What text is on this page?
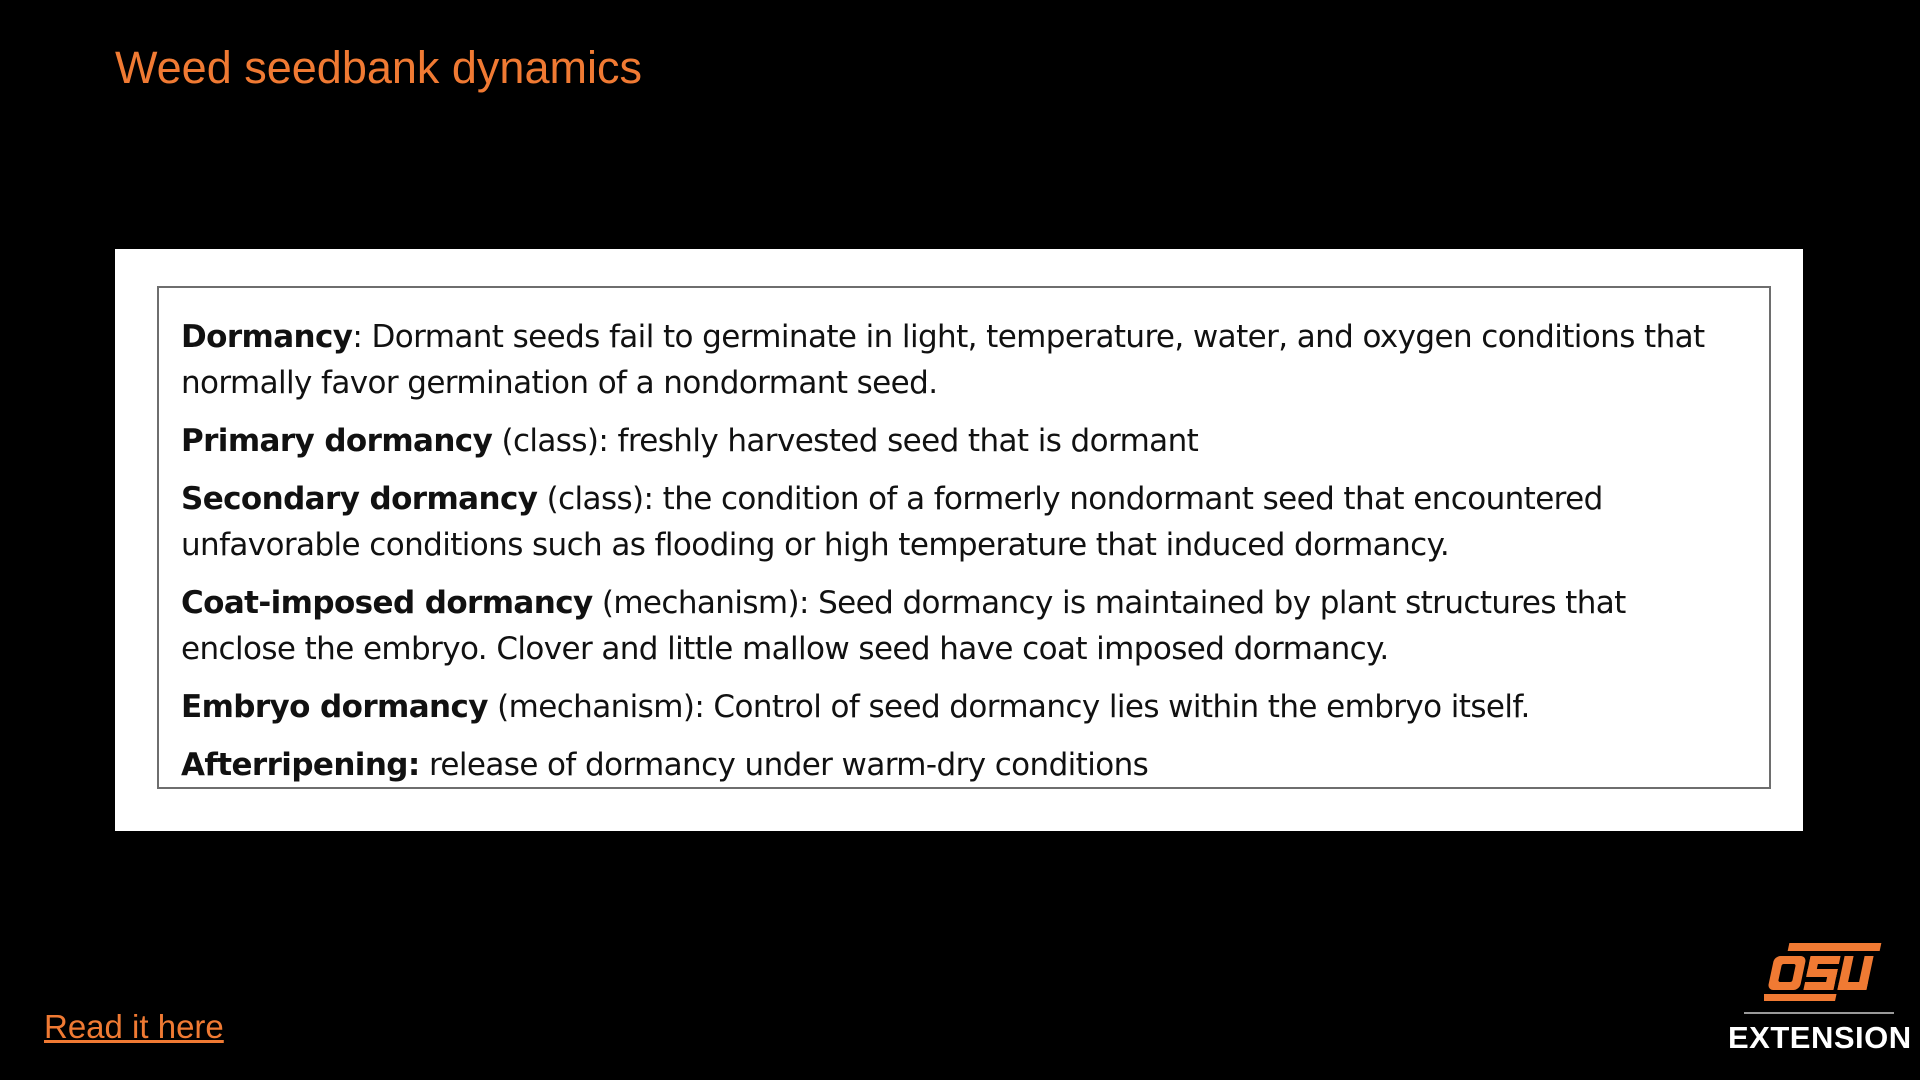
Weed seedbank dynamics

Dormancy: Dormant seeds fail to germinate in light, temperature, water, and oxygen conditions that normally favor germination of a nondormant seed.

Primary dormancy (class): freshly harvested seed that is dormant

Secondary dormancy (class): the condition of a formerly nondormant seed that encountered unfavorable conditions such as flooding or high temperature that induced dormancy.

Coat-imposed dormancy (mechanism): Seed dormancy is maintained by plant structures that enclose the embryo. Clover and little mallow seed have coat imposed dormancy.

Embryo dormancy (mechanism): Control of seed dormancy lies within the embryo itself.

Afterripening: release of dormancy under warm-dry conditions

Read it here	EXTENSION
